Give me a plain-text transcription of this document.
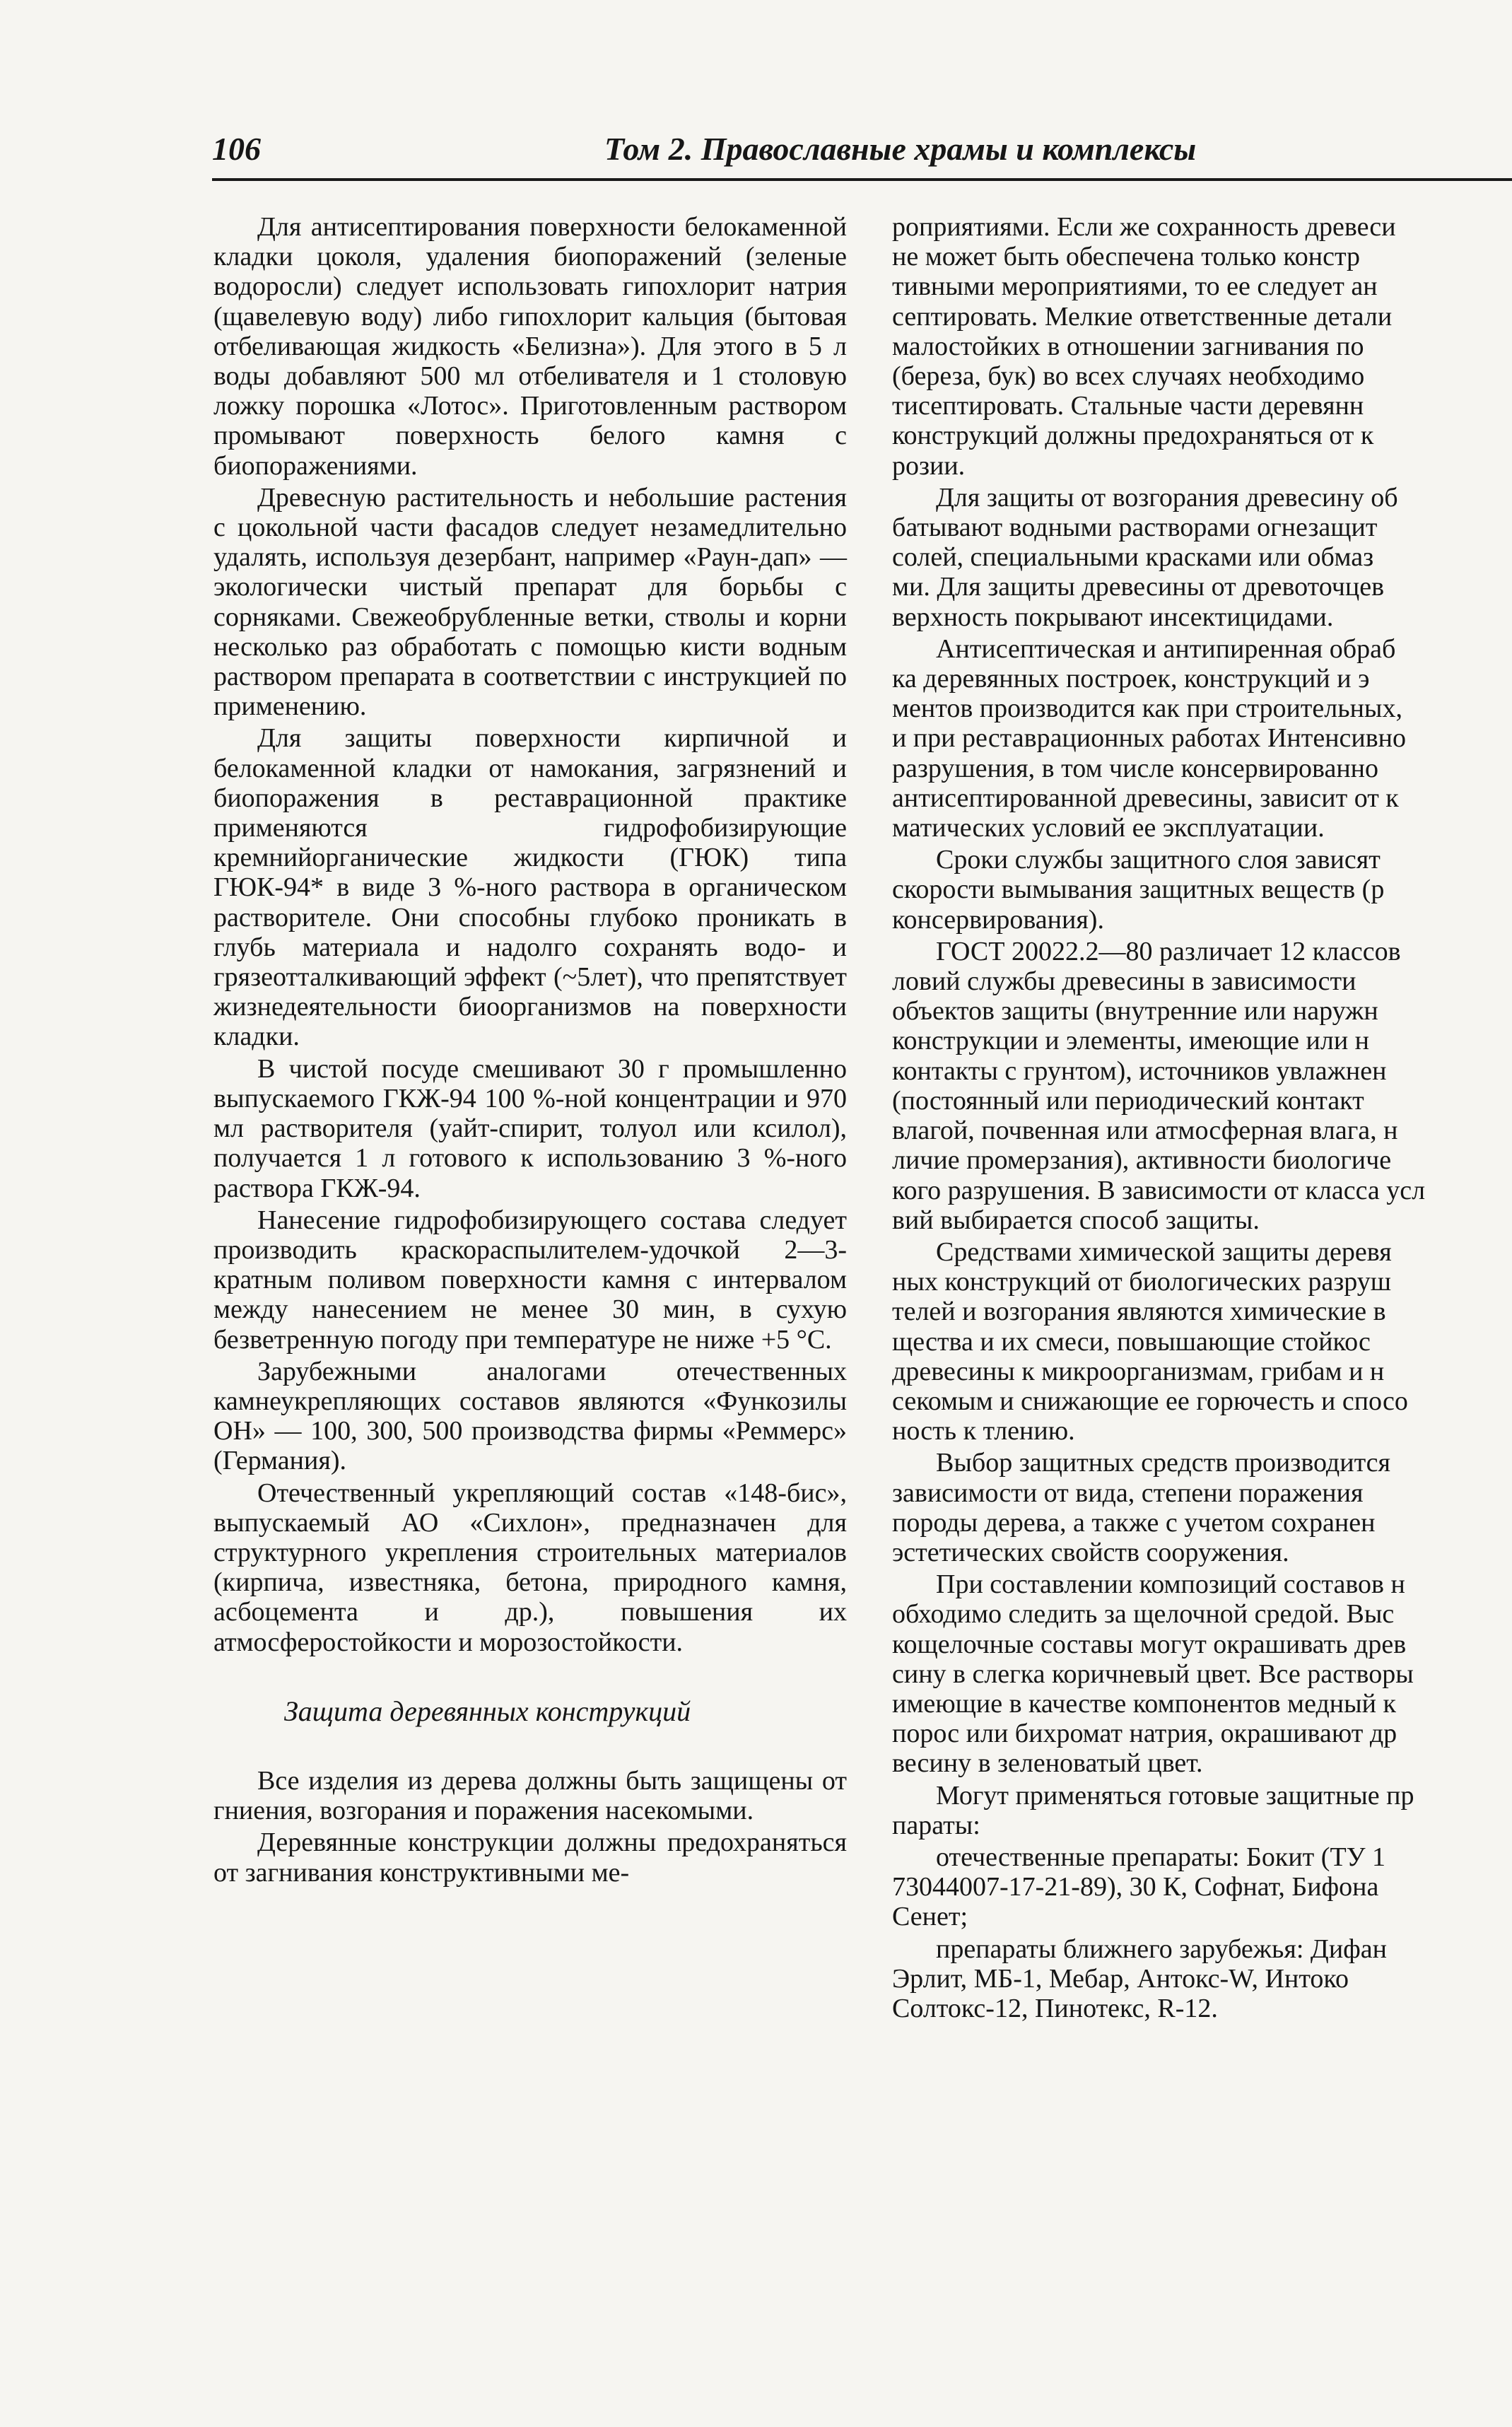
106	Том 2. Православные храмы и комплексы

Для антисептирования поверхности белокаменной кладки цоколя, удаления биопоражений (зеленые водоросли) следует использовать гипохлорит натрия (щавелевую воду) либо гипохлорит кальция (бытовая отбеливающая жидкость «Белизна»). Для этого в 5 л воды добавляют 500 мл отбеливателя и 1 столовую ложку порошка «Лотос». Приготовленным раствором промывают поверхность белого камня с биопоражениями.

Древесную растительность и небольшие растения с цокольной части фасадов следует незамедлительно удалять, используя дезербант, например «Раун-дап» — экологически чистый препарат для борьбы с сорняками. Свежеобрубленные ветки, стволы и корни несколько раз обработать с помощью кисти водным раствором препарата в соответствии с инструкцией по применению.

Для защиты поверхности кирпичной и белокаменной кладки от намокания, загрязнений и биопоражения в реставрационной практике применяются гидрофобизирующие кремнийорганические жидкости (ГЮК) типа ГЮК-94* в виде 3 %-ного раствора в органическом растворителе. Они способны глубоко проникать в глубь материала и надолго сохранять водо- и грязеотталкивающий эффект (~5лет), что препятствует жизнедеятельности биоорганизмов на поверхности кладки.

В чистой посуде смешивают 30 г промышленно выпускаемого ГКЖ-94 100 %-ной концентрации и 970 мл растворителя (уайт-спирит, толуол или ксилол), получается 1 л готового к использованию 3 %-ного раствора ГКЖ-94.

Нанесение гидрофобизирующего состава следует производить краскораспылителем-удочкой 2—3-кратным поливом поверхности камня с интервалом между нанесением не менее 30 мин, в сухую безветренную погоду при температуре не ниже +5 °С.

Зарубежными аналогами отечественных камнеукрепляющих составов являются «Функозилы ОН» — 100, 300, 500 производства фирмы «Реммерс» (Германия).

Отечественный укрепляющий состав «148-бис», выпускаемый АО «Сихлон», предназначен для структурного укрепления строительных материалов (кирпича, известняка, бетона, природного камня, асбоцемента и др.), повышения их атмосферостойкости и морозостойкости.

Защита деревянных конструкций

Все изделия из дерева должны быть защищены от гниения, возгорания и поражения насекомыми.

Деревянные конструкции должны предохраняться от загнивания конструктивными ме-

роприятиями. Если же сохранность древеси
не может быть обеспечена только констр
тивными мероприятиями, то ее следует ан
септировать. Мелкие ответственные детали
малостойких в отношении загнивания по
(береза, бук) во всех случаях необходимо
тисептировать. Стальные части деревянн
конструкций должны предохраняться от к
розии.
Для защиты от возгорания древесину об
батывают водными растворами огнезащит
солей, специальными красками или обмаз
ми. Для защиты древесины от древоточцев
верхность покрывают инсектицидами.
Антисептическая и антипиренная обраб
ка деревянных построек, конструкций и э
ментов производится как при строительных,
и при реставрационных работах Интенсивно
разрушения, в том числе консервированно
антисептированной древесины, зависит от к
матических условий ее эксплуатации.
Сроки службы защитного слоя зависят
скорости вымывания защитных веществ (р
консервирования).
ГОСТ 20022.2—80 различает 12 классов
ловий службы древесины в зависимости
объектов защиты (внутренние или наружн
конструкции и элементы, имеющие или н
контакты с грунтом), источников увлажнен
(постоянный или периодический контакт
влагой, почвенная или атмосферная влага, н
личие промерзания), активности биологиче
кого разрушения. В зависимости от класса усл
вий выбирается способ защиты.
Средствами химической защиты деревя
ных конструкций от биологических разруш
телей и возгорания являются химические в
щества и их смеси, повышающие стойкос
древесины к микроорганизмам, грибам и н
секомым и снижающие ее горючесть и спосо
ность к тлению.
Выбор защитных средств производится
зависимости от вида, степени поражения
породы дерева, а также с учетом сохранен
эстетических свойств сооружения.
При составлении композиций составов н
обходимо следить за щелочной средой. Выс
кощелочные составы могут окрашивать древ
сину в слегка коричневый цвет. Все растворы
имеющие в качестве компонентов медный к
порос или бихромат натрия, окрашивают др
весину в зеленоватый цвет.
Могут применяться готовые защитные пр
параты:
отечественные препараты: Бокит (ТУ 1
73044007-17-21-89), 30 К, Софнат, Бифона
Сенет;
препараты ближнего зарубежья: Дифан
Эрлит, МБ-1, Мебар, Антокс-W, Интоко
Солтокс-12, Пинотекс, R-12.
